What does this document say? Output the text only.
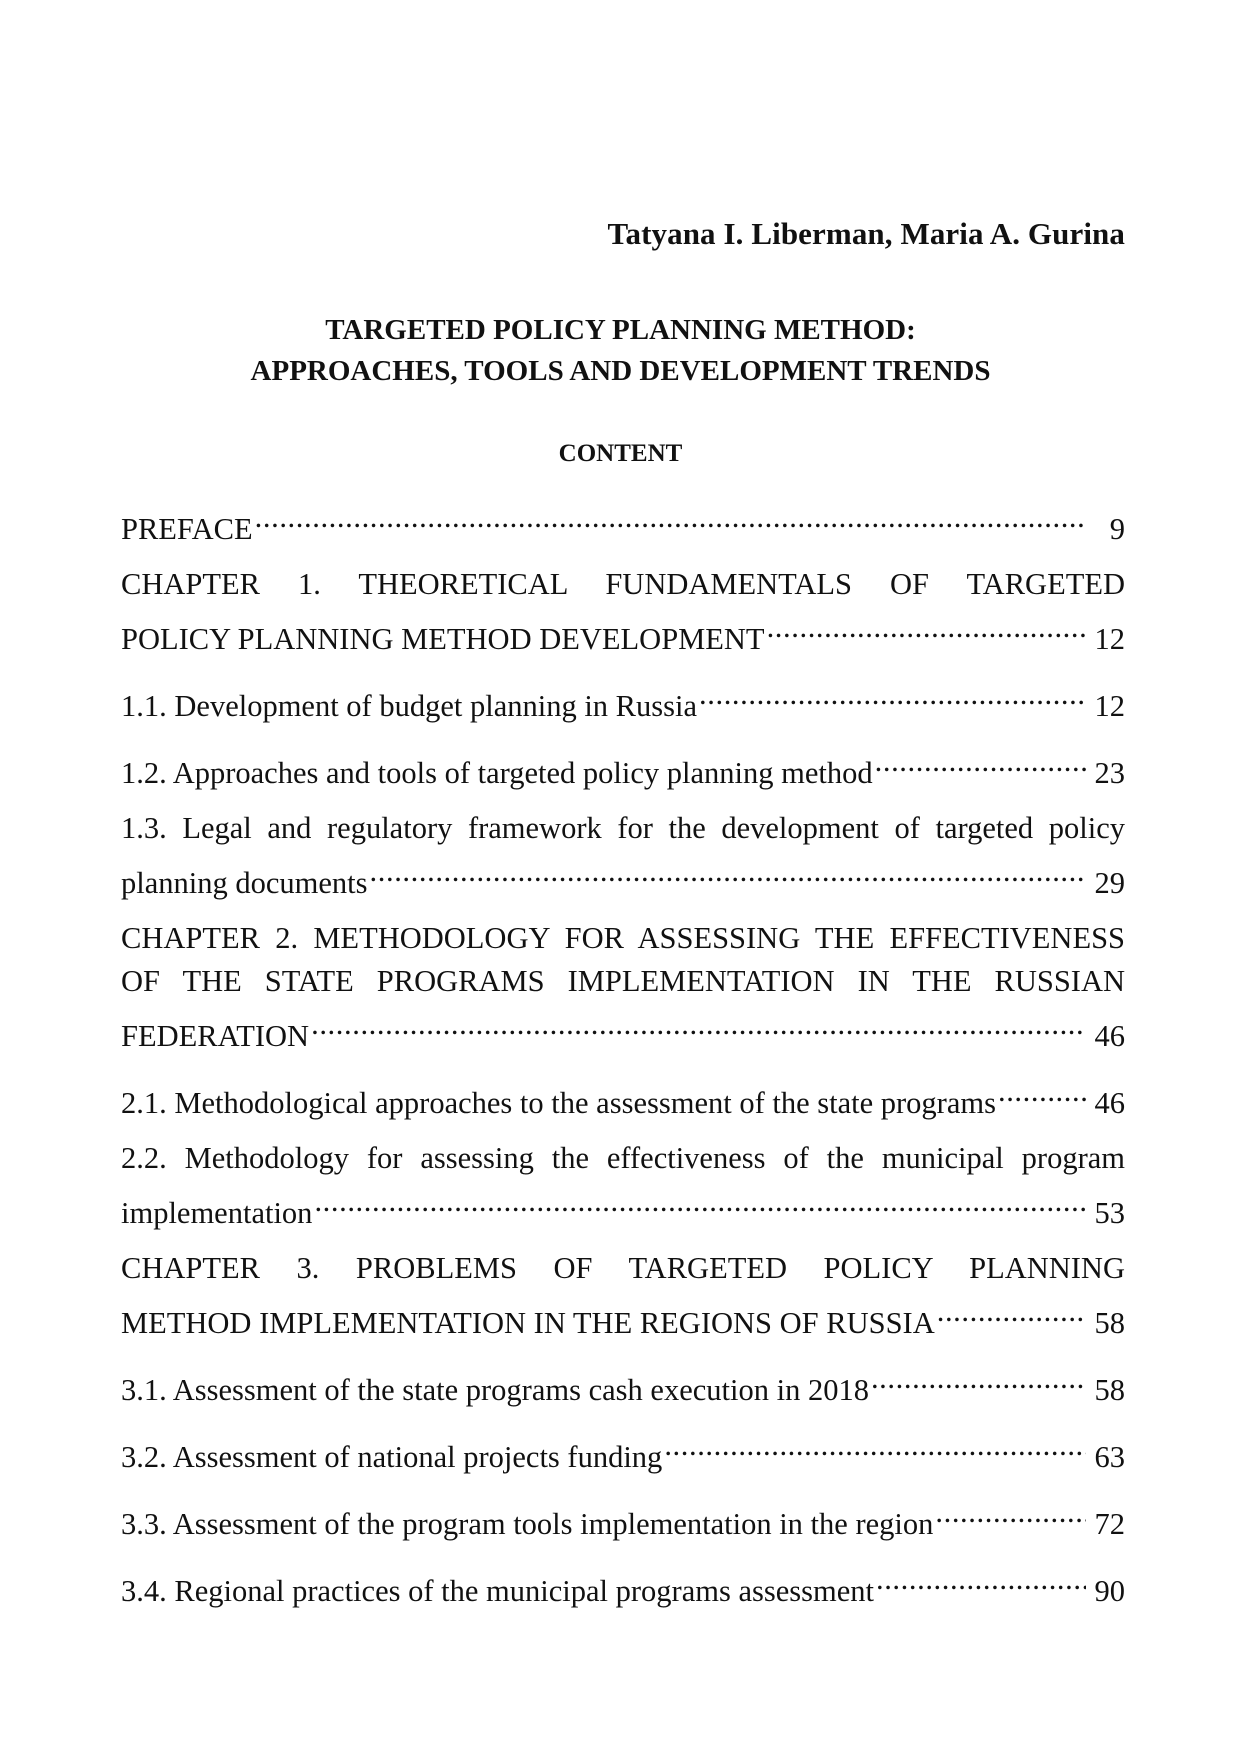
Tatyana I. Liberman, Maria A. Gurina
TARGETED POLICY PLANNING METHOD:
APPROACHES, TOOLS AND DEVELOPMENT TRENDS
CONTENT
PREFACE .....	9
CHAPTER 1. THEORETICAL FUNDAMENTALS OF TARGETED
POLICY PLANNING METHOD DEVELOPMENT .....	12
1.1. Development of budget planning in Russia .....	12
1.2. Approaches and tools of targeted policy planning method .....	23
1.3. Legal and regulatory framework for the development of targeted policy
planning documents .....	29
CHAPTER 2. METHODOLOGY FOR ASSESSING THE EFFECTIVENESS
OF THE STATE PROGRAMS IMPLEMENTATION IN THE RUSSIAN
FEDERATION .....	46
2.1. Methodological approaches to the assessment of the state programs .....	46
2.2. Methodology for assessing the effectiveness of the municipal program
implementation .....	53
CHAPTER 3. PROBLEMS OF TARGETED POLICY PLANNING
METHOD IMPLEMENTATION IN THE REGIONS OF RUSSIA .....	58
3.1. Assessment of the state programs cash execution in 2018 .....	58
3.2. Assessment of national projects funding .....	63
3.3. Assessment of the program tools implementation in the region .....	72
3.4. Regional practices of the municipal programs assessment .....	90
